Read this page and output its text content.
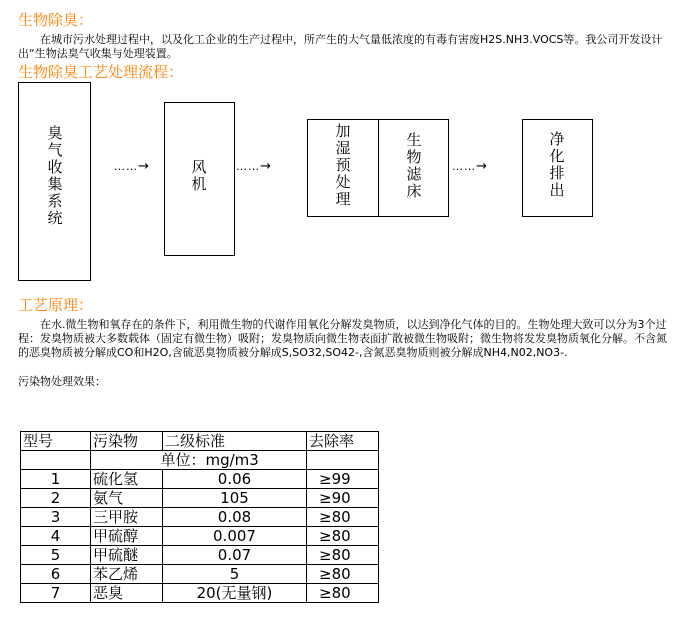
生物除臭：
在城市污水处理过程中，以及化工企业的生产过程中，所产生的大气量低浓度的有毒有害废H2S.NH3.VOCS等。我公司开发设计出“生物法臭气收集与处理装置。
生物除臭工艺处理流程：
臭气收集系统
……→	风机
……→
加湿预处理
生物滤床
……→
净化排出
工艺原理：
在水.微生物和氧存在的条件下，利用微生物的代谢作用氧化分解发臭物质，以达到净化气体的目的。生物处理大致可以分为3个过程：发臭物质被大多数载体（固定有微生物）吸附；发臭物质向微生物表面扩散被微生物吸附；微生物将发发臭物质氧化分解。不含氮的恶臭物质被分解成CO和H2O,含硫恶臭物质被分解成S,SO32,SO42-,含氮恶臭物质则被分解成NH4,N02,NO3-.
污染物处理效果：
型号	污染物	二级标准	去除率
		单位：mg/m3	
1	硫化氢	0.06	≥99
2	氨气	105	≥90
3	三甲胺	0.08	≥80
4	甲硫醇	0.007	≥80
5	甲硫醚	0.07	≥80
6	苯乙烯	5	≥80
7	恶臭	20(无量钢)	≥80
